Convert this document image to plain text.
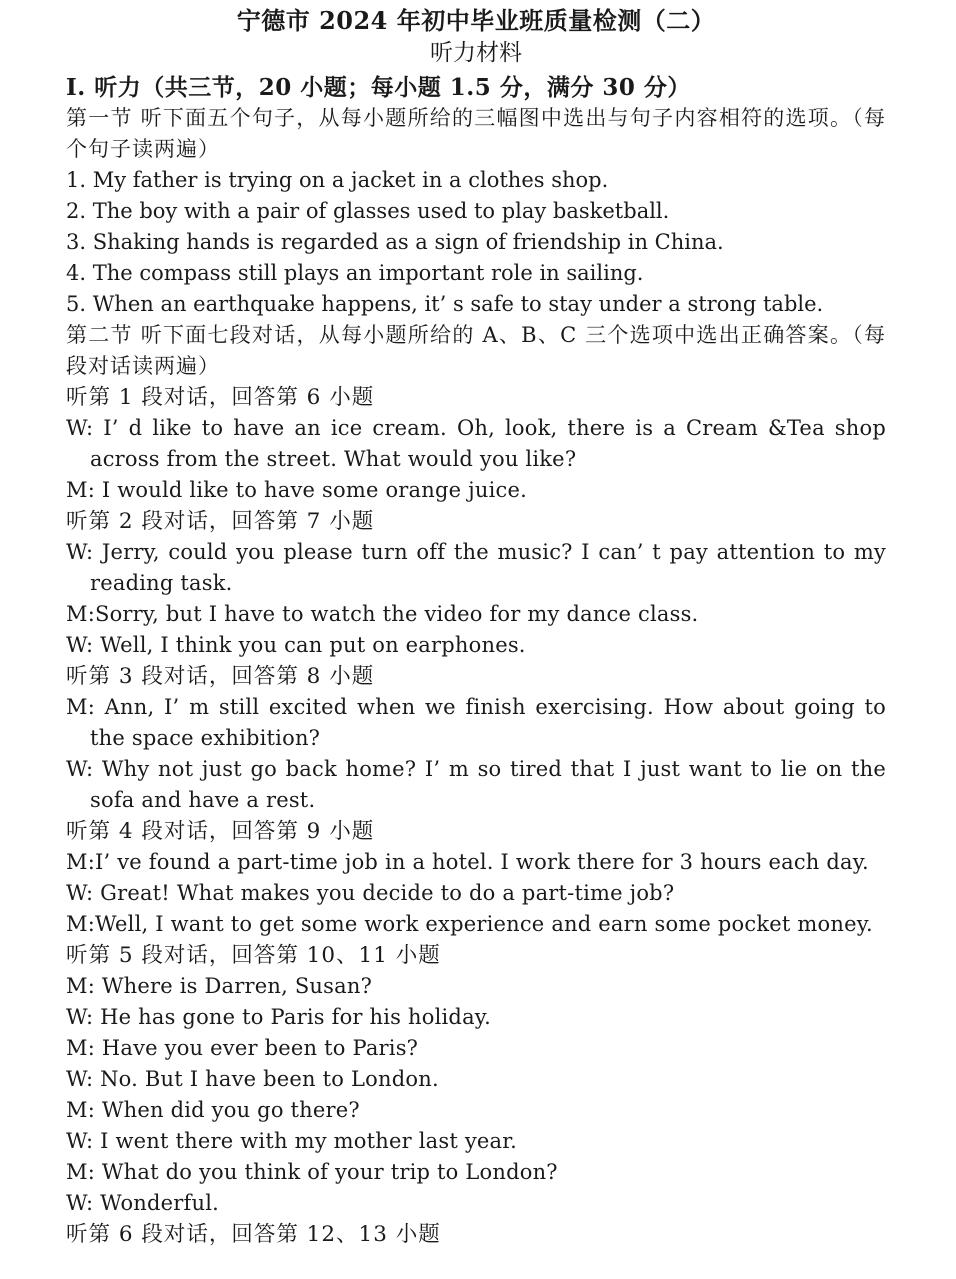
宁德市 2024 年初中毕业班质量检测（二）
听力材料
Ⅰ. 听力（共三节，20 小题；每小题 1.5 分，满分 30 分）
第一节 听下面五个句子，从每小题所给的三幅图中选出与句子内容相符的选项。（每个句子读两遍）
1. My father is trying on a jacket in a clothes shop.
2. The boy with a pair of glasses used to play basketball.
3. Shaking hands is regarded as a sign of friendship in China.
4. The compass still plays an important role in sailing.
5. When an earthquake happens, it’ s safe to stay under a strong table.
第二节 听下面七段对话，从每小题所给的 A、B、C 三个选项中选出正确答案。（每段对话读两遍）
听第 1 段对话，回答第 6 小题
W: I’ d like to have an ice cream. Oh, look, there is a Cream &Tea shop across from the street. What would you like?
M: I would like to have some orange juice.
听第 2 段对话，回答第 7 小题
W: Jerry, could you please turn off the music? I can’ t pay attention to my reading task.
M:Sorry, but I have to watch the video for my dance class.
W: Well, I think you can put on earphones.
听第 3 段对话，回答第 8 小题
M: Ann, I’ m still excited when we finish exercising. How about going to the space exhibition?
W: Why not just go back home? I’ m so tired that I just want to lie on the sofa and have a rest.
听第 4 段对话，回答第 9 小题
M:I’ ve found a part-time job in a hotel. I work there for 3 hours each day.
W: Great! What makes you decide to do a part-time job?
M:Well, I want to get some work experience and earn some pocket money.
听第 5 段对话，回答第 10、11 小题
M: Where is Darren, Susan?
W: He has gone to Paris for his holiday.
M: Have you ever been to Paris?
W: No. But I have been to London.
M: When did you go there?
W: I went there with my mother last year.
M: What do you think of your trip to London?
W: Wonderful.
听第 6 段对话，回答第 12、13 小题
